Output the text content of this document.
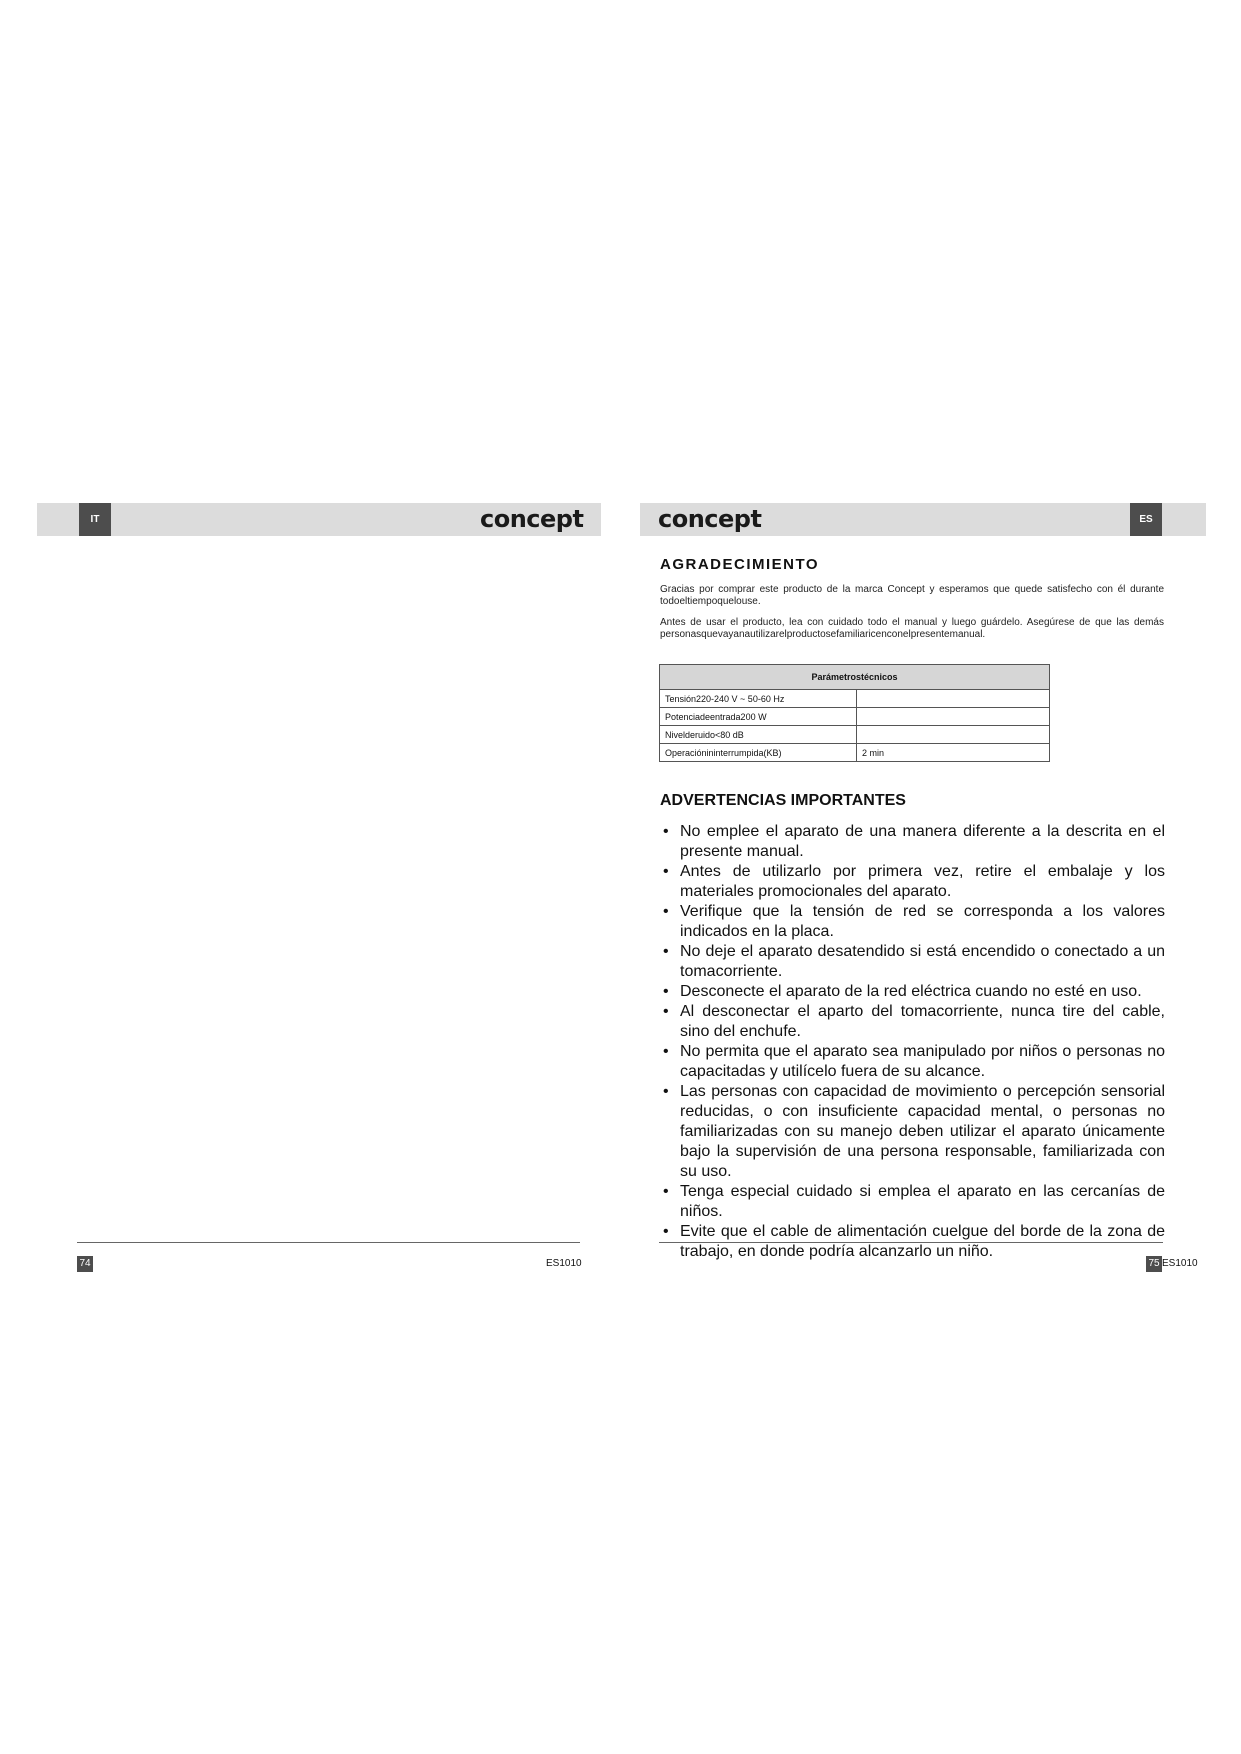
IT	ES
concept	concept
AGRADECIMIENTO

Gracias por comprar este producto de la marca Concept y esperamos que quede satisfecho con él durante todoeltiempoquelouse.

Antes de usar el producto, lea con cuidado todo el manual y luego guárdelo. Asegúrese de que las demás personasquevayanautilizarelproductosefamiliaricenconelpresentemanual.

Parámetrostécnicos	
Tensión220-240 V ~ 50-60 Hz	
Potenciadeentrada200 W	
Nivelderuido<80 dB	
Operaciónininterrumpida(KB)	2 min
ADVERTENCIAS IMPORTANTES
• No emplee el aparato de una manera diferente a la descrita en el presente manual.
• Antes de utilizarlo por primera vez, retire el embalaje y los materiales promocionales del aparato.
• Verifique que la tensión de red se corresponda a los valores indicados en la placa.
• No deje el aparato desatendido si está encendido o conectado a un tomacorriente.
• Desconecte el aparato de la red eléctrica cuando no esté en uso.
• Al desconectar el aparto del tomacorriente, nunca tire del cable, sino del enchufe.
• No permita que el aparato sea manipulado por niños o personas no capacitadas y utilícelo fuera de su alcance.
• Las personas con capacidad de movimiento o percepción sensorial reducidas, o con insuficiente capacidad mental, o personas no familiarizadas con su manejo deben utilizar el aparato únicamente bajo la supervisión de una persona responsable, familiarizada con su uso.
• Tenga especial cuidado si emplea el aparato en las cercanías de niños.
• Evite que el cable de alimentación cuelgue del borde de la zona de trabajo, en donde podría alcanzarlo un niño.
74	ES1010	75 ES1010
